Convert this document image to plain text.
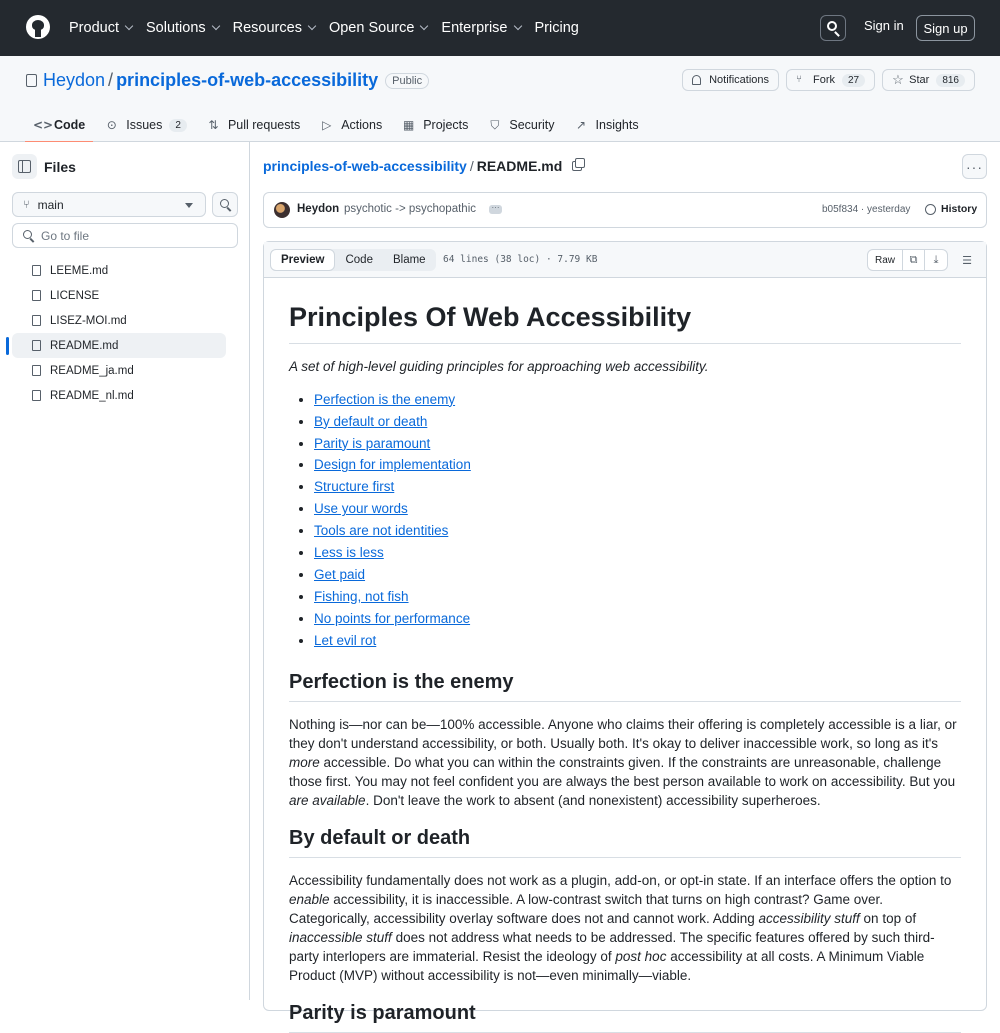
Product Solutions Resources Open Source Enterprise Pricing	Sign in	Sign up
Heydon / principles-of-web-accessibility	Public	Notifications	⑂	Fork	27	☆ Star	816
<> Code ⊙ Issues	2	⇅ Pull requests ▷ Actions ▦ Projects ⛉ Security ↗ Insights
Files
⑂ main
Go to file
LEEME.md
LICENSE
LISEZ-MOI.md
README.md
README_ja.md
README_nl.md
principles-of-web-accessibility / README.md	···
Heydon psychotic -> psychopathic	···	b05f834 · yesterday	History
Preview	Code	Blame	64 lines (38 loc) · 7.79 KB	Raw	⧉	⤓	☰
Principles Of Web Accessibility

A set of high-level guiding principles for approaching web accessibility.

• Perfection is the enemy
• By default or death
• Parity is paramount
• Design for implementation
• Structure first
• Use your words
• Tools are not identities
• Less is less
• Get paid
• Fishing, not fish
• No points for performance
• Let evil rot
Perfection is the enemy

Nothing is—nor can be—100% accessible. Anyone who claims their offering is completely accessible is a liar, or they don't understand accessibility, or both. Usually both. It's okay to deliver inaccessible work, so long as it's more accessible. Do what you can within the constraints given. If the constraints are unreasonable, challenge those first. You may not feel confident you are always the best person available to work on accessibility. But you are available. Don't leave the work to absent (and nonexistent) accessibility superheroes.

By default or death

Accessibility fundamentally does not work as a plugin, add-on, or opt-in state. If an interface offers the option to enable accessibility, it is inaccessible. A low-contrast switch that turns on high contrast? Game over. Categorically, accessibility overlay software does not and cannot work. Adding accessibility stuff on top of inaccessible stuff does not address what needs to be addressed. The specific features offered by such third-party interlopers are immaterial. Resist the ideology of post hoc accessibility at all costs. A Minimum Viable Product (MVP) without accessibility is not—even minimally—viable.

Parity is paramount
